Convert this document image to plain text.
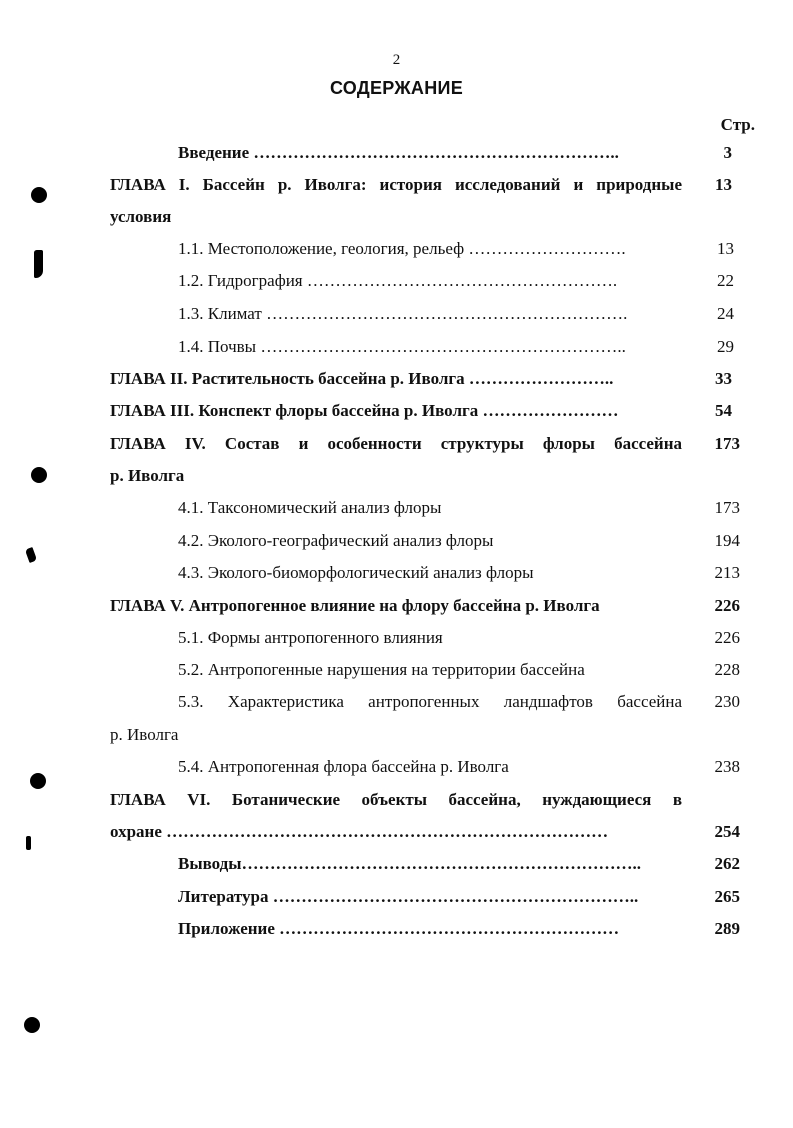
2
СОДЕРЖАНИЕ
Стр.
Введение ………………………………………………………..	3
ГЛАВА I. Бассейн р. Иволга: история исследований и природные	13
условия
1.1. Местоположение, геология, рельеф ……………………….	13
1.2. Гидрография ……………………………………………….	22
1.3. Климат ……………………………………………………….	24
1.4. Почвы ………………………………………………………..	29
ГЛАВА II. Растительность бассейна р. Иволга ……………………..	33
ГЛАВА III. Конспект флоры бассейна р. Иволга ……………………	54
ГЛАВА IV. Состав и особенности структуры флоры бассейна	173
р. Иволга
4.1. Таксономический анализ флоры	173
4.2. Эколого-географический анализ флоры	194
4.3. Эколого-биоморфологический анализ флоры	213
ГЛАВА V. Антропогенное влияние на флору бассейна р. Иволга	226
5.1. Формы антропогенного влияния	226
5.2. Антропогенные нарушения на территории бассейна	228
5.3. Характеристика антропогенных ландшафтов бассейна	230
р. Иволга
5.4. Антропогенная флора бассейна р. Иволга	238
ГЛАВА VI. Ботанические объекты бассейна, нуждающиеся в
охране ……………………………………………………………………	254
Выводы……………………………………………………………..	262
Литература ………………………………………………………..	265
Приложение ……………………………………………………	289
